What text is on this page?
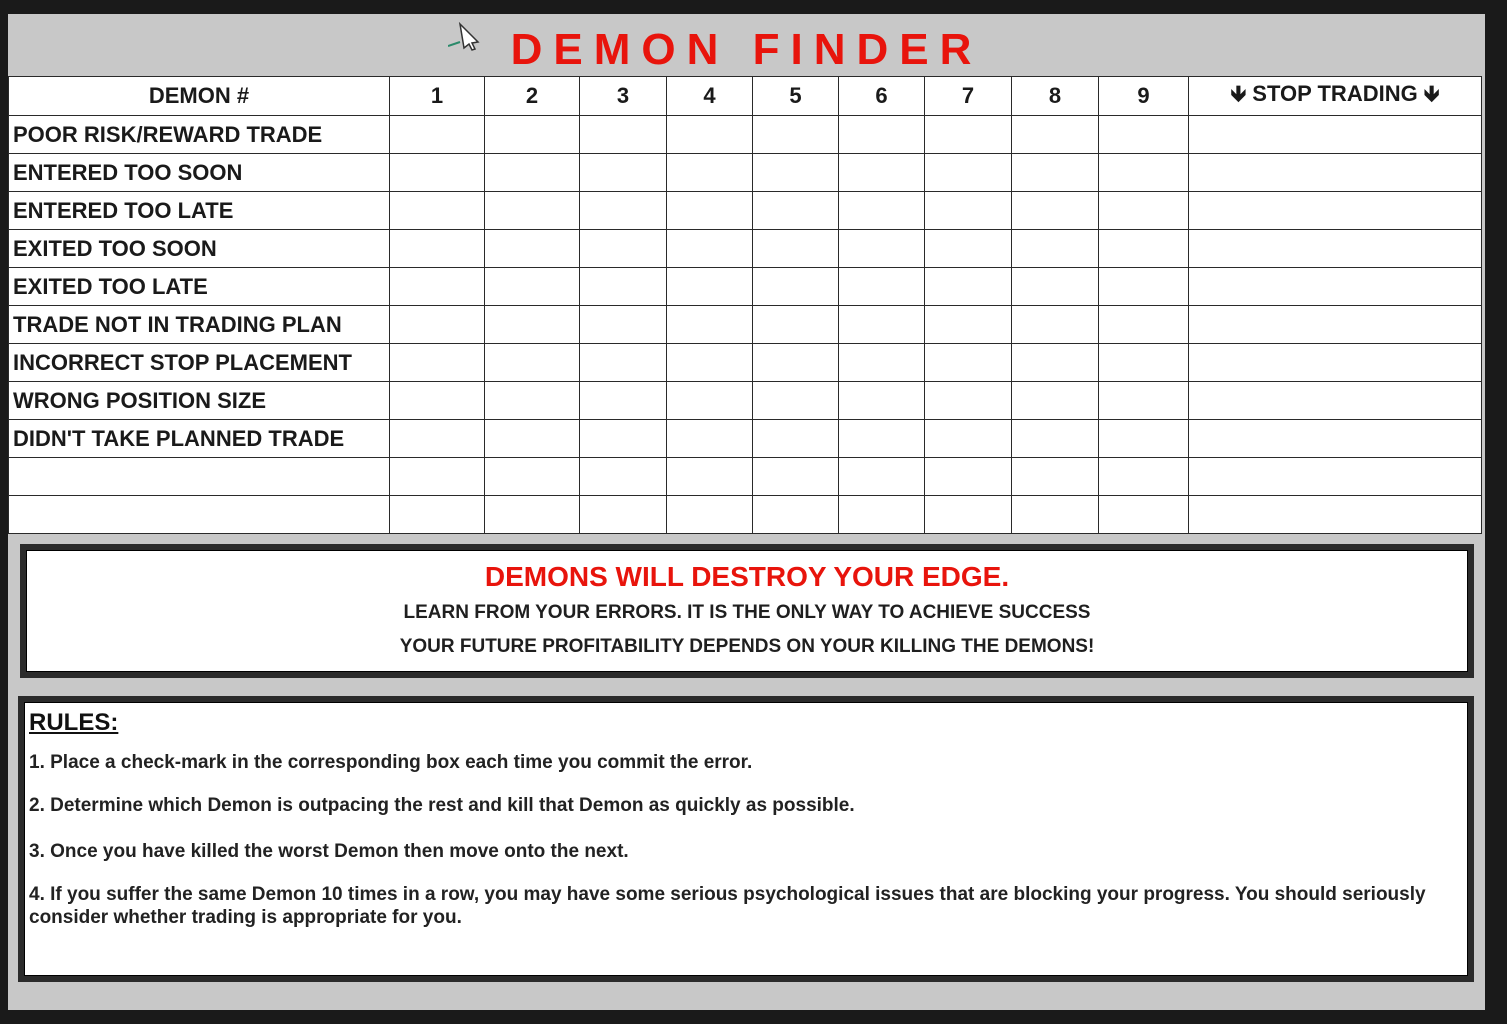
DEMON FINDER
DEMON #	1	2	3	4	5	6	7	8	9	🡻 STOP TRADING 🡻
POOR RISK/REWARD TRADE										
ENTERED TOO SOON										
ENTERED TOO LATE										
EXITED TOO SOON										
EXITED TOO LATE										
TRADE NOT IN TRADING PLAN										
INCORRECT STOP PLACEMENT										
WRONG POSITION SIZE										
DIDN'T TAKE PLANNED TRADE										

DEMONS WILL DESTROY YOUR EDGE.
LEARN FROM YOUR ERRORS. IT IS THE ONLY WAY TO ACHIEVE SUCCESS
YOUR FUTURE PROFITABILITY DEPENDS ON YOUR KILLING THE DEMONS!
RULES:
1. Place a check-mark in the corresponding box each time you commit the error.
2. Determine which Demon is outpacing the rest and kill that Demon as quickly as possible.
3. Once you have killed the worst Demon then move onto the next.
4. If you suffer the same Demon 10 times in a row, you may have some serious psychological issues that are blocking your progress. You should seriously consider whether trading is appropriate for you.
